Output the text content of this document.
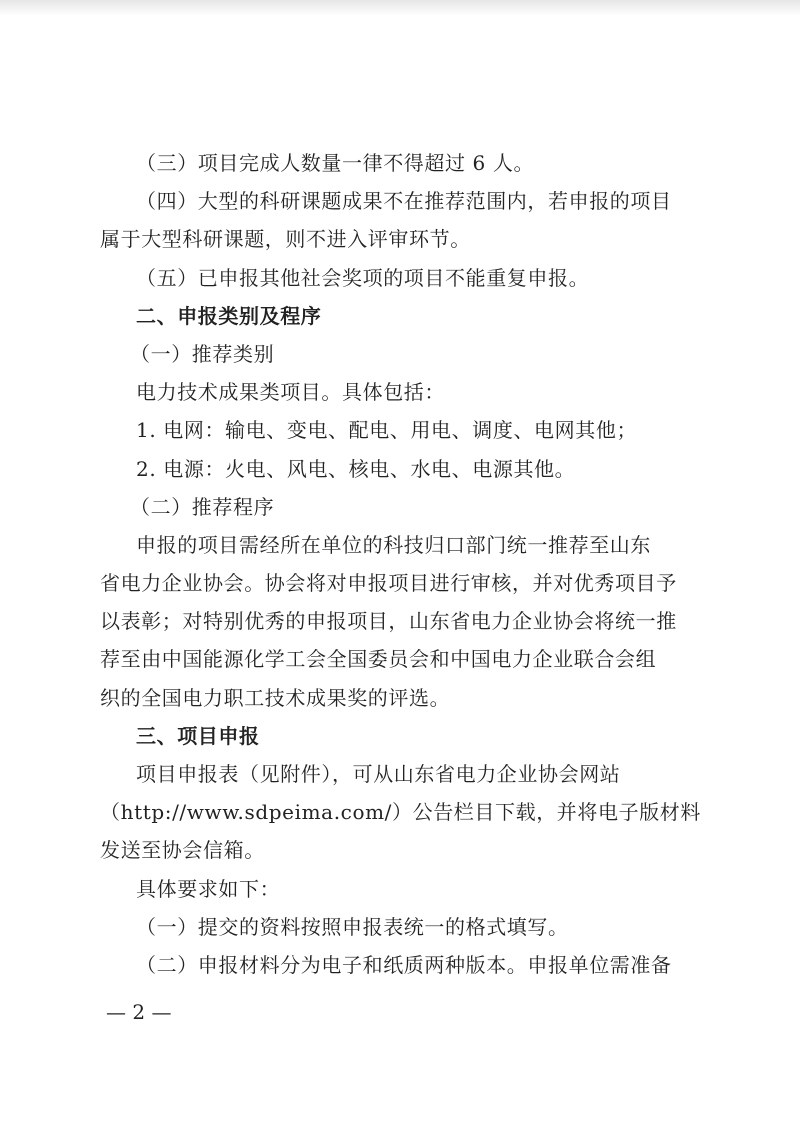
（三）项目完成人数量一律不得超过 6 人。
（四）大型的科研课题成果不在推荐范围内，若申报的项目
属于大型科研课题，则不进入评审环节。
（五）已申报其他社会奖项的项目不能重复申报。
二、申报类别及程序
（一）推荐类别
电力技术成果类项目。具体包括：
1. 电网：输电、变电、配电、用电、调度、电网其他；
2. 电源：火电、风电、核电、水电、电源其他。
（二）推荐程序
申报的项目需经所在单位的科技归口部门统一推荐至山东
省电力企业协会。协会将对申报项目进行审核，并对优秀项目予
以表彰；对特别优秀的申报项目，山东省电力企业协会将统一推
荐至由中国能源化学工会全国委员会和中国电力企业联合会组
织的全国电力职工技术成果奖的评选。
三、项目申报
项目申报表（见附件），可从山东省电力企业协会网站
（http://www.sdpeima.com/）公告栏目下载，并将电子版材料
发送至协会信箱。
具体要求如下：
（一）提交的资料按照申报表统一的格式填写。
（二）申报材料分为电子和纸质两种版本。申报单位需准备
— 2 —
